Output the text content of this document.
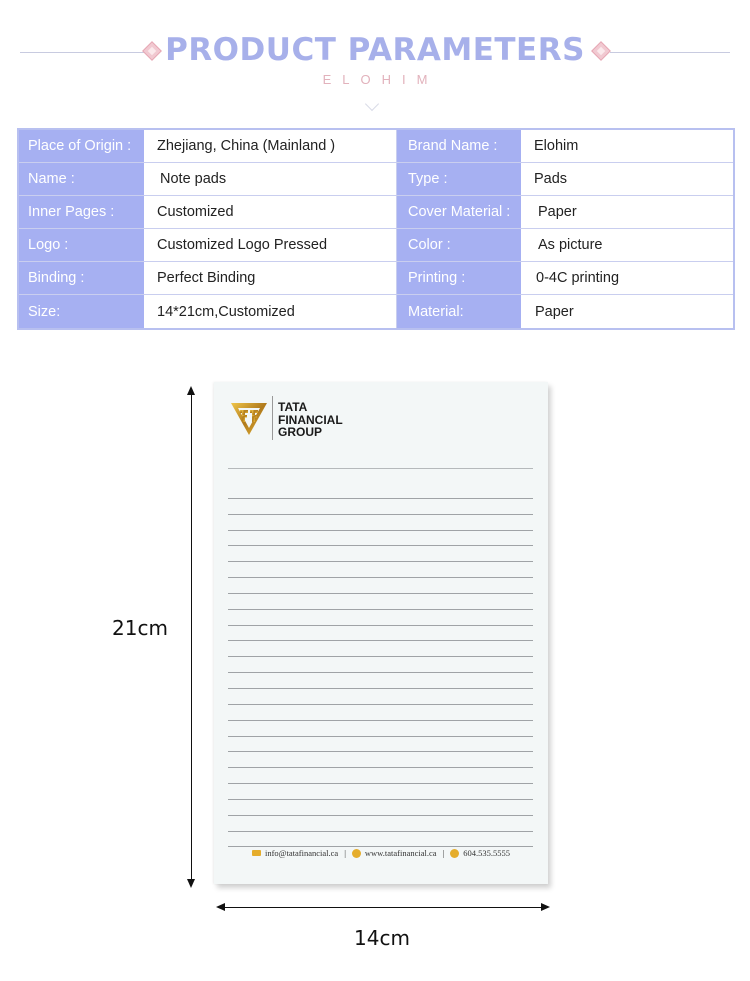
PRODUCT PARAMETERS
ELOHIM
Place of Origin :	Zhejiang, China (Mainland )	Brand Name :	Elohim
Name :	Note pads	Type :	Pads
Inner Pages :	Customized	Cover Material :	Paper
Logo :	Customized Logo Pressed	Color :	As picture
Binding :	Perfect Binding	Printing :	0-4C printing
Size:	14*21cm,Customized	Material:	Paper
21cm
14cm
TATA
FINANCIAL
GROUP
info@tatafinancial.ca | www.tatafinancial.ca | 604.535.5555
